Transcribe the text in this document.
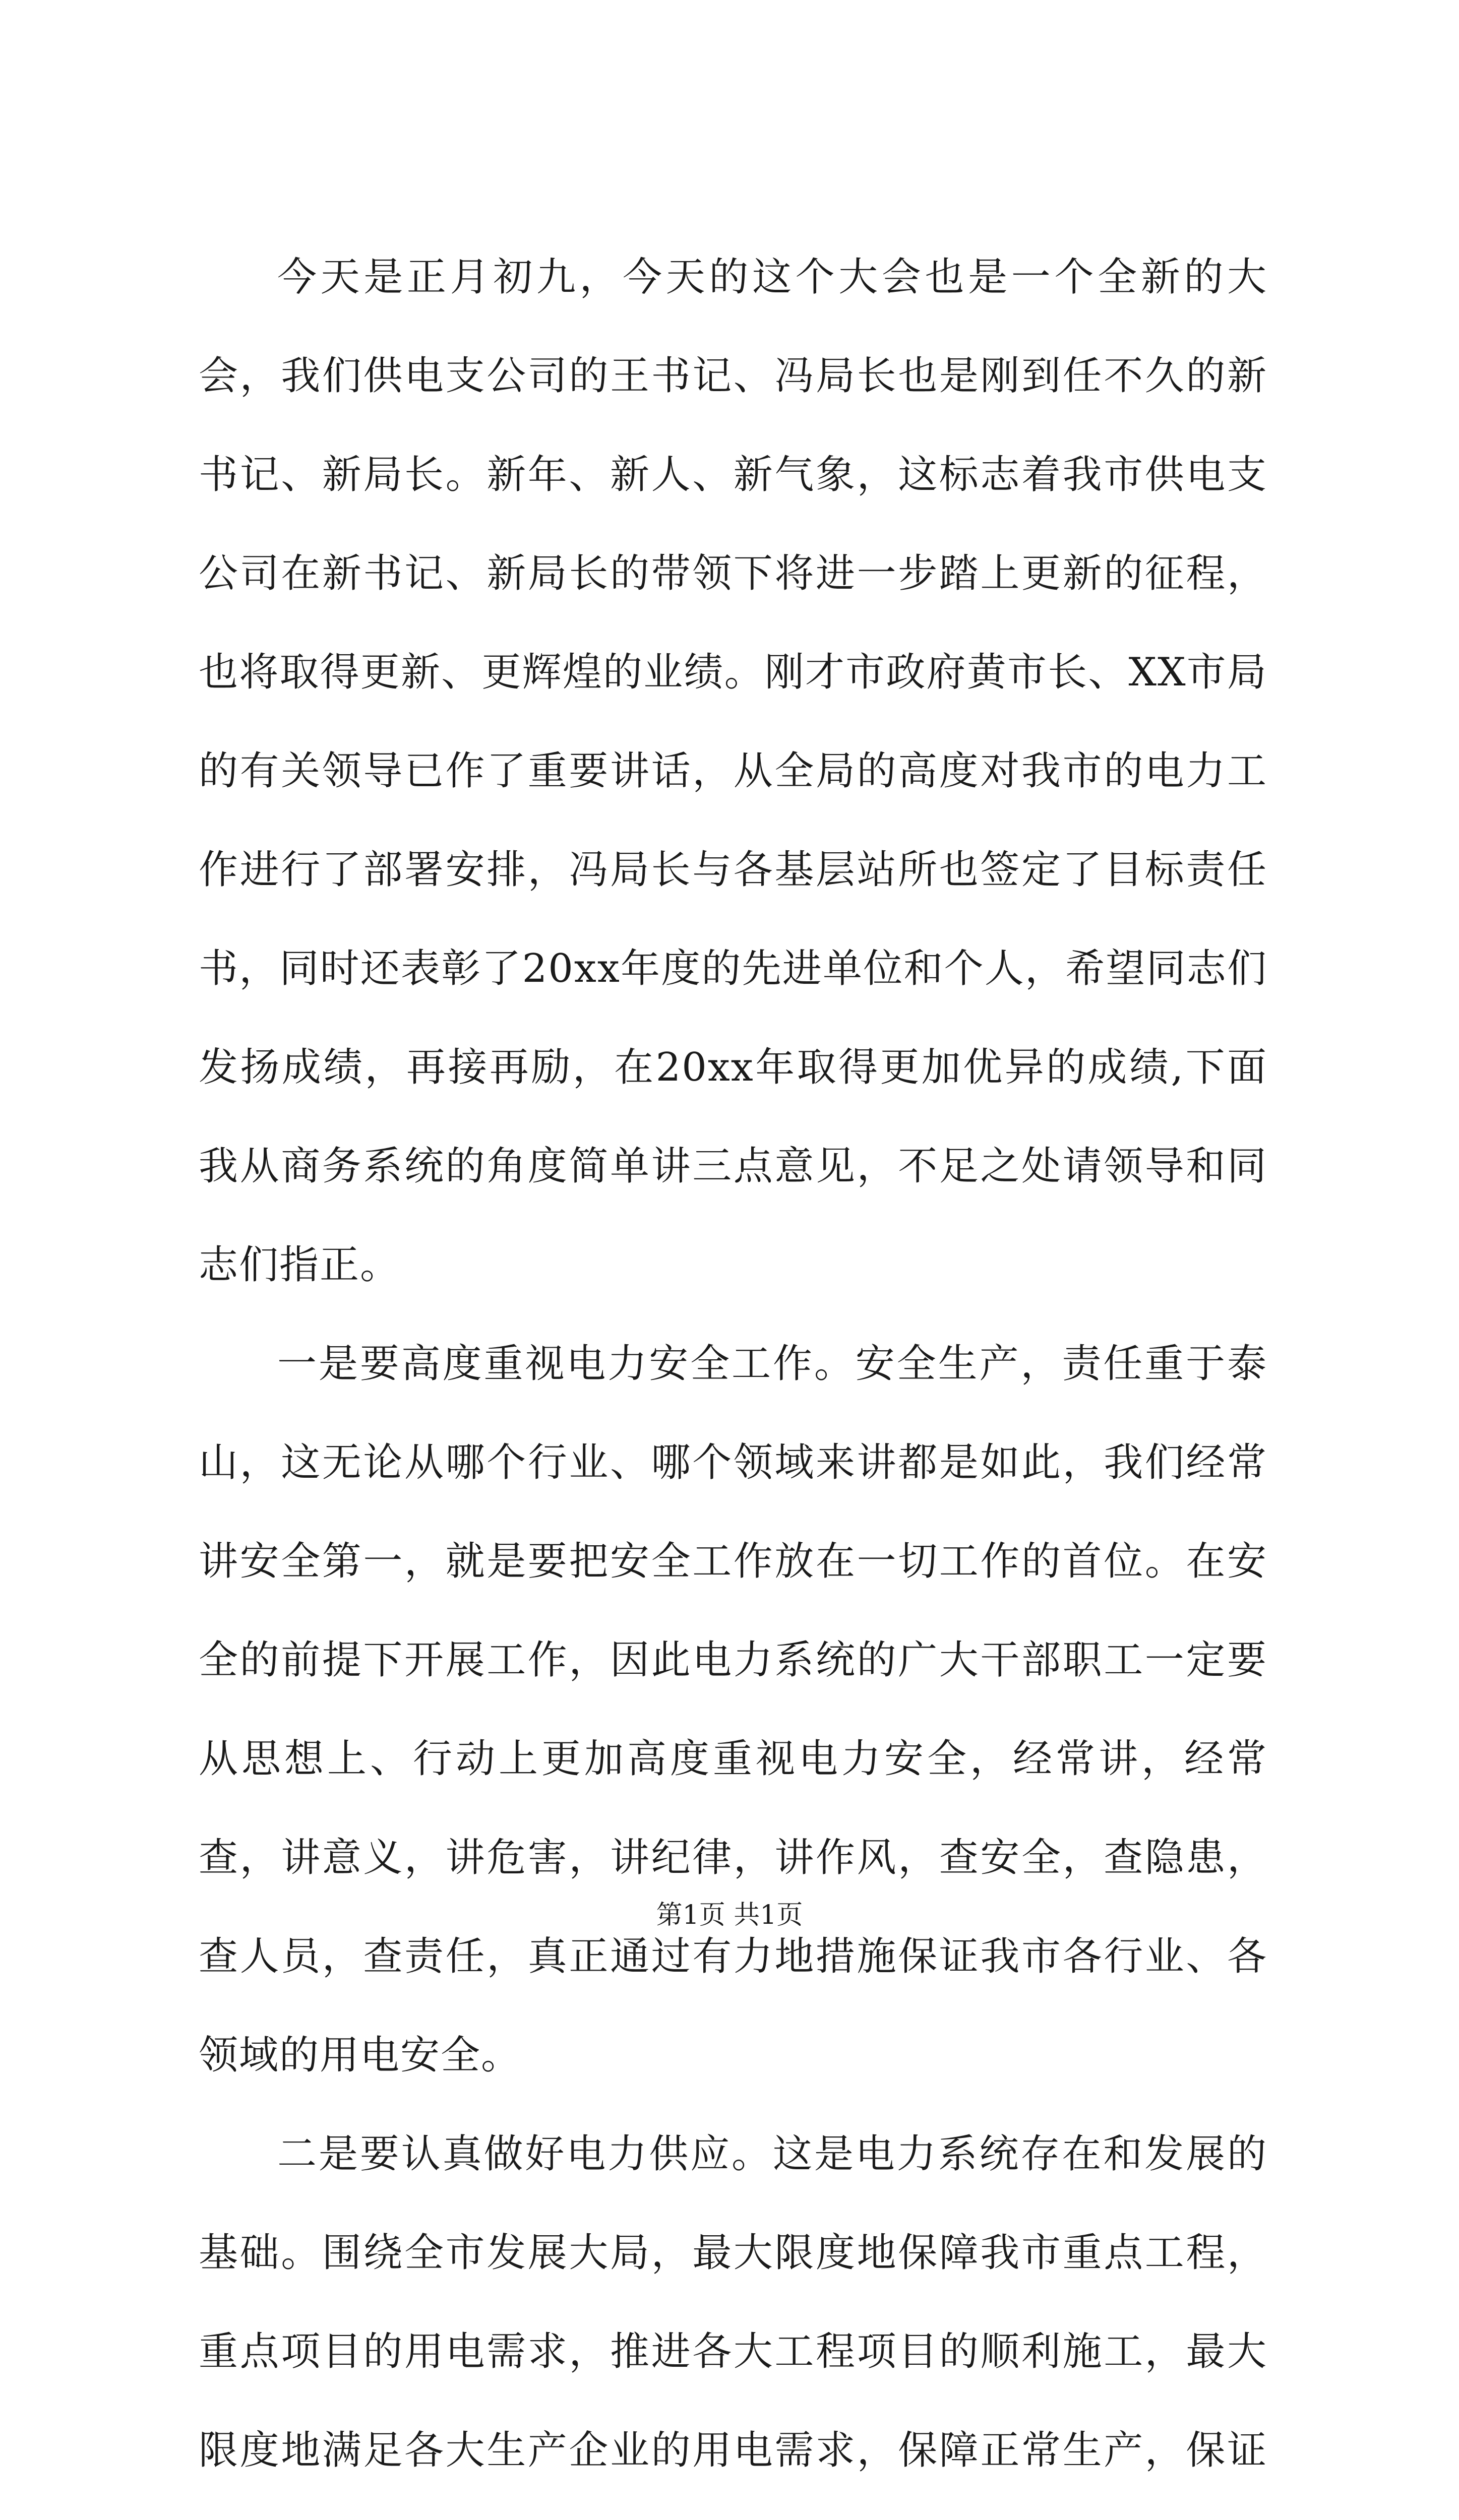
今天是正月初九，今天的这个大会也是一个全新的大会，我们供电支公司的王书记、冯局长也是刚到任不久的新书记、新局长。新年、新人、新气象，这标志着我市供电支公司在新书记、新局长的带领下将进一步踏上更新的征程，也将取得更新、更辉煌的业绩。刚才市政府黄市长、XX市局的有关领导已作了重要讲话，从全局的高度对我市的电力工作进行了部署安排，冯局长与各基层站所也签定了目标责任书，同时还表彰了20xx年度的先进单位和个人，希望同志们发扬成绩，再接再励，在20xx年取得更加优异的成绩,下面我从商务系统的角度简单讲三点意见，不足之处请领导和同志们指正。

一是要高度重视电力安全工作。安全生产，责任重于泰山，这无论从哪个行业、哪个领域来讲都是如此，我们经常讲安全第一，就是要把安全工作放在一切工作的首位。在安全的前提下开展工作，因此电力系统的广大干部职工一定要从思想上、行动上更加高度重视电力安全，经常讲，经常查，讲意义，讲危害，讲纪律，讲作风，查安全，查隐患，查人员，查责任，真正通过有力地措施保证我市各行业、各领域的用电安全。

二是要认真做好电力供应。这是电力系统存在和发展的基础。围绕全市发展大局，最大限度地保障我市重点工程，重点项目的用电需求，推进各大工程项目的顺利施工，最大限度地满足各大生产企业的用电需求，保障正常生产，保证

第1页 共1页
